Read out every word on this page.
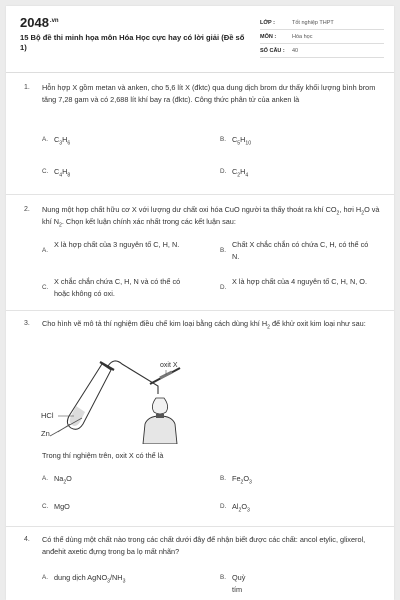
$2048^{.vn}$
15 Bộ đề thi minh họa môn Hóa Học cực hay có lời giải (Đề số 1)
LỚP :	Tốt nghiệp THPT
MÔN :	Hóa học
SỐ CÂU :	40
1. Hỗn hợp X gồm metan và anken, cho 5,6 lít X (đktc) qua dung dịch brom dư thấy khối lượng bình brom tăng 7,28 gam và có 2,688 lít khí bay ra (đktc). Công thức phân tử của anken là
A. $C_3H_6$
B. $C_5H_{10}$
C. $C_4H_8$
D. $C_2H_4$
2. Nung một hợp chất hữu cơ X với lượng dư chất oxi hóa CuO người ta thấy thoát ra khí $CO_2$, hơi $H_2O$ và khí $N_2$. Chọn kết luận chính xác nhất trong các kết luận sau:
A.
X là hợp chất của 3 nguyên tố C, H, N.
B.
Chất X chắc chắn có chứa C, H, có thể có N.
C.
X chắc chắn chứa C, H, N và có thể có hoặc không có oxi.
D.
X là hợp chất của 4 nguyên tố C, H, N, O.
3. Cho hình vẽ mô tả thí nghiệm điều chế kim loại bằng cách dùng khí $H_2$ để khử oxit kim loại như sau:
oxit X
HCl
Zn
Trong thí nghiệm trên, oxit X có thể là
A. $Na_2O$	B. $Fe_2O_3$
C. MgO	D. $Al_2O_3$
4. Có thể dùng một chất nào trong các chất dưới đây để nhận biết được các chất: ancol etylic, glixerol, anđehit axetic đựng trong ba lọ mất nhãn?
A. dung dịch $AgNO_3/NH_3$
B. Quỳ tím
